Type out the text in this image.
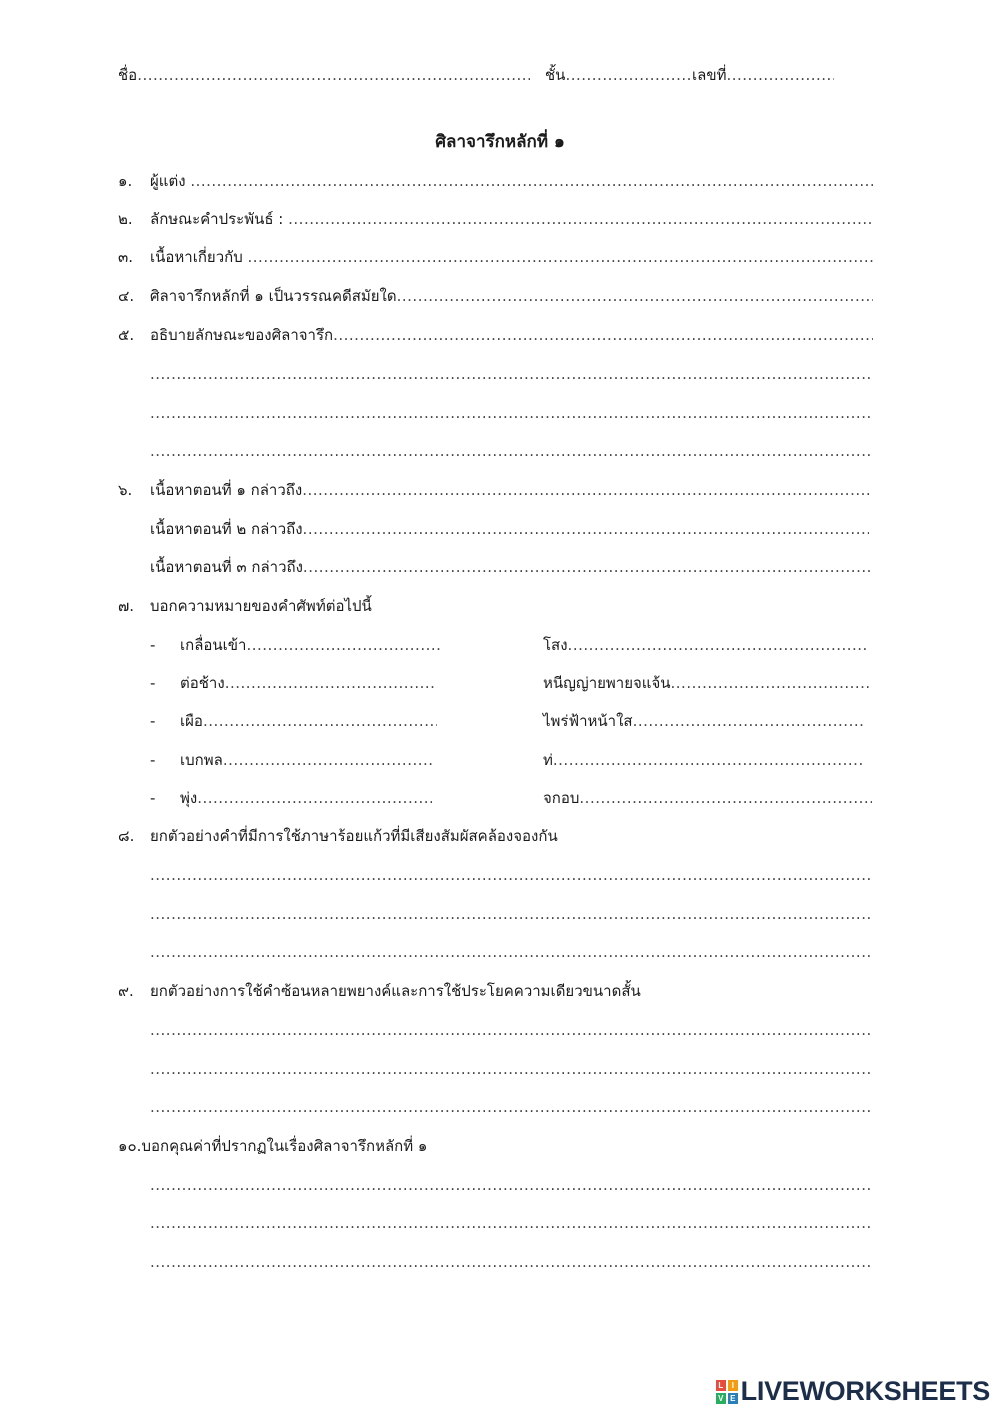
ชื่อ .....	ชั้น .....	เลขที่
.....
ศิลาจารึกหลักที่ ๑
๑.	ผู้แต่ง

.....
๒.	ลักษณะคำประพันธ์ :

.....
๓.	เนื้อหาเกี่ยวกับ

.....
๔.	ศิลาจารึกหลักที่ ๑ เป็นวรรณคดีสมัยใด
.....
๕.	อธิบายลักษณะของศิลาจารึก
.....
.....
.....
.....
๖.	เนื้อหาตอนที่ ๑ กล่าวถึง
.....
เนื้อหาตอนที่ ๒ กล่าวถึง
.....
เนื้อหาตอนที่ ๓ กล่าวถึง
.....
๗.	บอกความหมายของคำศัพท์ต่อไปนี้
-	เกลื่อนเข้า .....	โสง
.....
-	ต่อช้าง .....	หนีญญ่ายพายจแจ้น
.....
-	เผือ .....	ไพร่ฟ้าหน้าใส
.....
-	เบกพล .....	ท่
.....
-	พุ่ง .....	จกอบ
.....
๘.	ยกตัวอย่างคำที่มีการใช้ภาษาร้อยแก้วที่มีเสียงสัมผัสคล้องจองกัน
.....
.....
.....
๙.	ยกตัวอย่างการใช้คำซ้อนหลายพยางค์และการใช้ประโยคความเดียวขนาดสั้น
.....
.....
.....
๑๐. บอกคุณค่าที่ปรากฏในเรื่องศิลาจารึกหลักที่ ๑
.....
.....
.....
L	I
V E LIVEWORKSHEETS
